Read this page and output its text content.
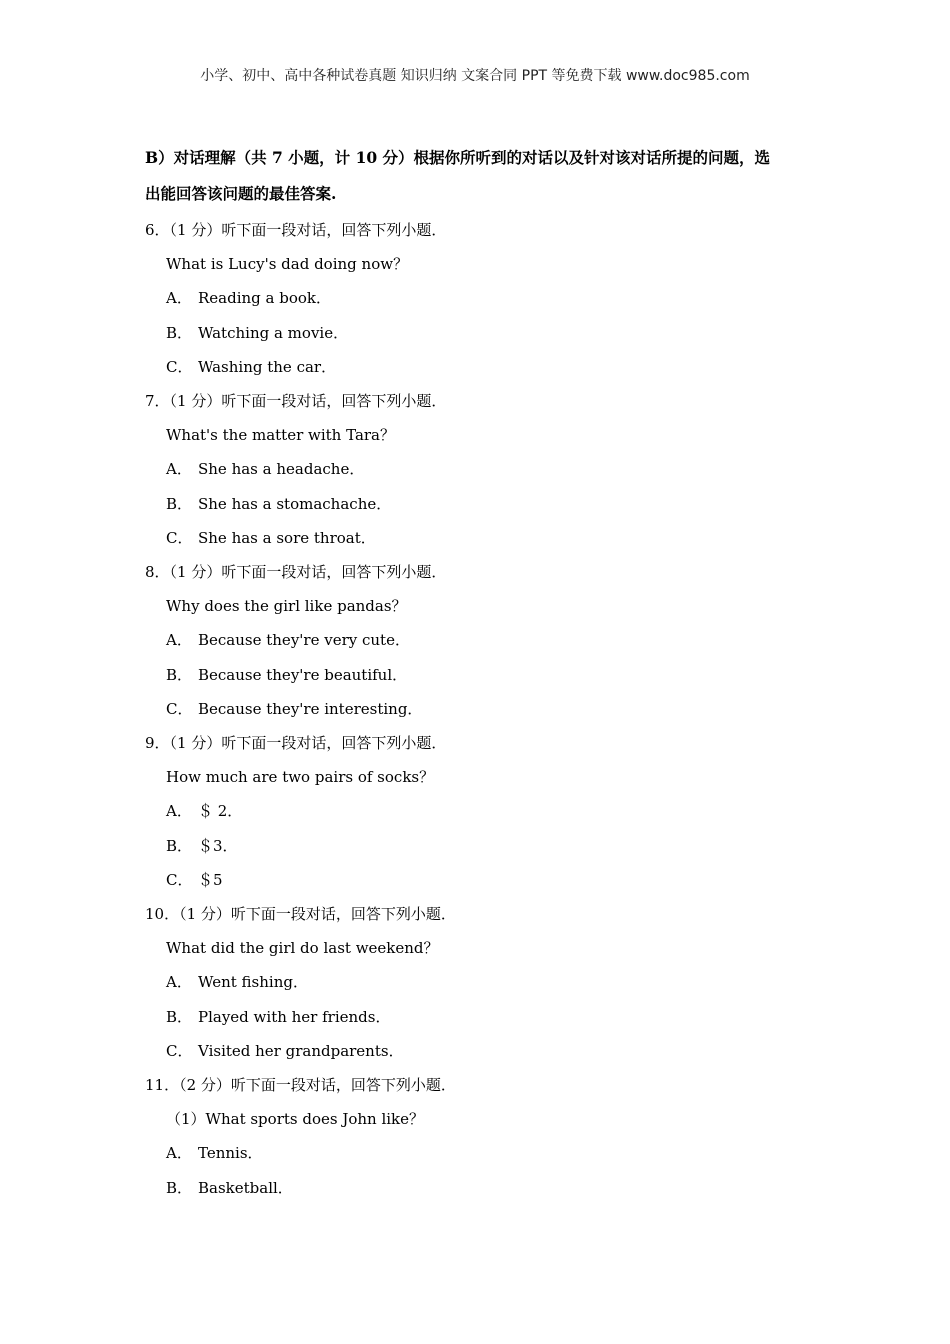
小学、初中、高中各种试卷真题 知识归纳 文案合同 PPT 等免费下载 www.doc985.com
B）对话理解（共 7 小题，计 10 分）根据你所听到的对话以及针对该对话所提的问题，选
出能回答该问题的最佳答案.
6．（1 分）听下面一段对话，回答下列小题．
What is Lucy's dad doing now？
A． Reading a book．
B． Watching a movie．
C． Washing the car．
7．（1 分）听下面一段对话，回答下列小题．
What's the matter with Tara？
A． She has a headache．
B． She has a stomachache．
C． She has a sore throat．
8．（1 分）听下面一段对话，回答下列小题．
Why does the girl like pandas？
A． Because they're very cute．
B． Because they're beautiful．
C． Because they're interesting．
9．（1 分）听下面一段对话，回答下列小题．
How much are two pairs of socks？
A． ＄ 2．
B． ＄3．
C． ＄5
10．（1 分）听下面一段对话，回答下列小题．
What did the girl do last weekend？
A． Went fishing．
B． Played with her friends．
C． Visited her grandparents．
11．（2 分）听下面一段对话，回答下列小题．
（1）What sports does John like？
A． Tennis．
B． Basketball．
